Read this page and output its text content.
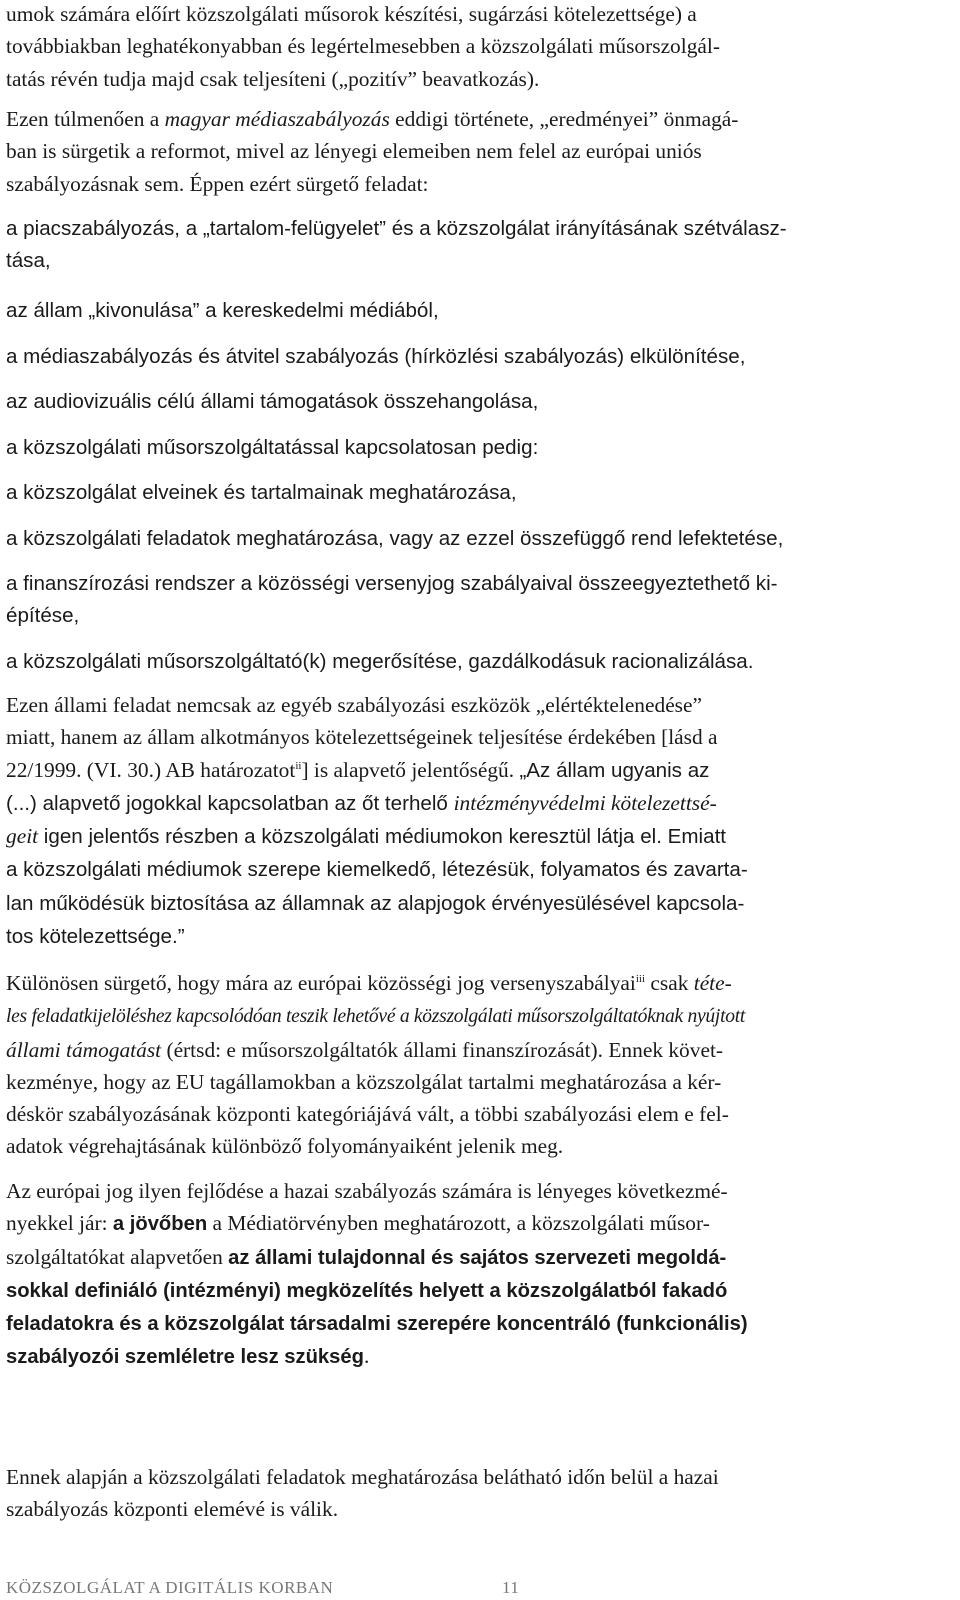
umok számára előírt közszolgálati műsorok készítési, sugárzási kötelezettsége) a
továbbiakban leghatékonyabban és legértelmesebben a közszolgálati műsorszolgál-
tatás révén tudja majd csak teljesíteni („pozitív” beavatkozás).
Ezen túlmenően a magyar médiaszabályozás eddigi története, „eredményei” önmagá-
ban is sürgetik a reformot, mivel az lényegi elemeiben nem felel az európai uniós
szabályozásnak sem. Éppen ezért sürgető feladat:
a piacszabályozás, a „tartalom-felügyelet” és a közszolgálat irányításának szétválasz-
tása,
az állam „kivonulása” a kereskedelmi médiából,
a médiaszabályozás és átvitel szabályozás (hírközlési szabályozás) elkülönítése,
az audiovizuális célú állami támogatások összehangolása,
a közszolgálati műsorszolgáltatással kapcsolatosan pedig:
a közszolgálat elveinek és tartalmainak meghatározása,
a közszolgálati feladatok meghatározása, vagy az ezzel összefüggő rend lefektetése,
a finanszírozási rendszer a közösségi versenyjog szabályaival összeegyeztethető ki-
építése,
a közszolgálati műsorszolgáltató(k) megerősítése, gazdálkodásuk racionalizálása.
Ezen állami feladat nemcsak az egyéb szabályozási eszközök „elértéktelenedése”
miatt, hanem az állam alkotmányos kötelezettségeinek teljesítése érdekében [lásd a
22/1999. (VI. 30.) AB határozatot$^{ii}$] is alapvető jelentőségű. „Az állam ugyanis az
(...) alapvető jogokkal kapcsolatban az őt terhelő intézményvédelmi kötelezettsé-
geit igen jelentős részben a közszolgálati médiumokon keresztül látja el. Emiatt
a közszolgálati médiumok szerepe kiemelkedő, létezésük, folyamatos és zavarta-
lan működésük biztosítása az államnak az alapjogok érvényesülésével kapcsola-
tos kötelezettsége.”
Különösen sürgető, hogy mára az európai közösségi jog versenyszabályai$^{iii}$ csak téte-
les feladatkijelöléshez kapcsolódóan teszik lehetővé a közszolgálati műsorszolgáltatóknak nyújtott
állami támogatást (értsd: e műsorszolgáltatók állami finanszírozását). Ennek követ-
kezménye, hogy az EU tagállamokban a közszolgálat tartalmi meghatározása a kér-
déskör szabályozásának központi kategóriájává vált, a többi szabályozási elem e fel-
adatok végrehajtásának különböző folyományaiként jelenik meg.
Az európai jog ilyen fejlődése a hazai szabályozás számára is lényeges következmé-
nyekkel jár: a jövőben a Médiatörvényben meghatározott, a közszolgálati műsor-
szolgáltatókat alapvetően az állami tulajdonnal és sajátos szervezeti megoldá-
sokkal definiáló (intézményi) megközelítés helyett a közszolgálatból fakadó
feladatokra és a közszolgálat társadalmi szerepére koncentráló (funkcionális)
szabályozói szemléletre lesz szükség.
Ennek alapján a közszolgálati feladatok meghatározása belátható időn belül a hazai
szabályozás központi elemévé is válik.
KÖZSZOLGÁLAT A DIGITÁLIS KORBAN	11
